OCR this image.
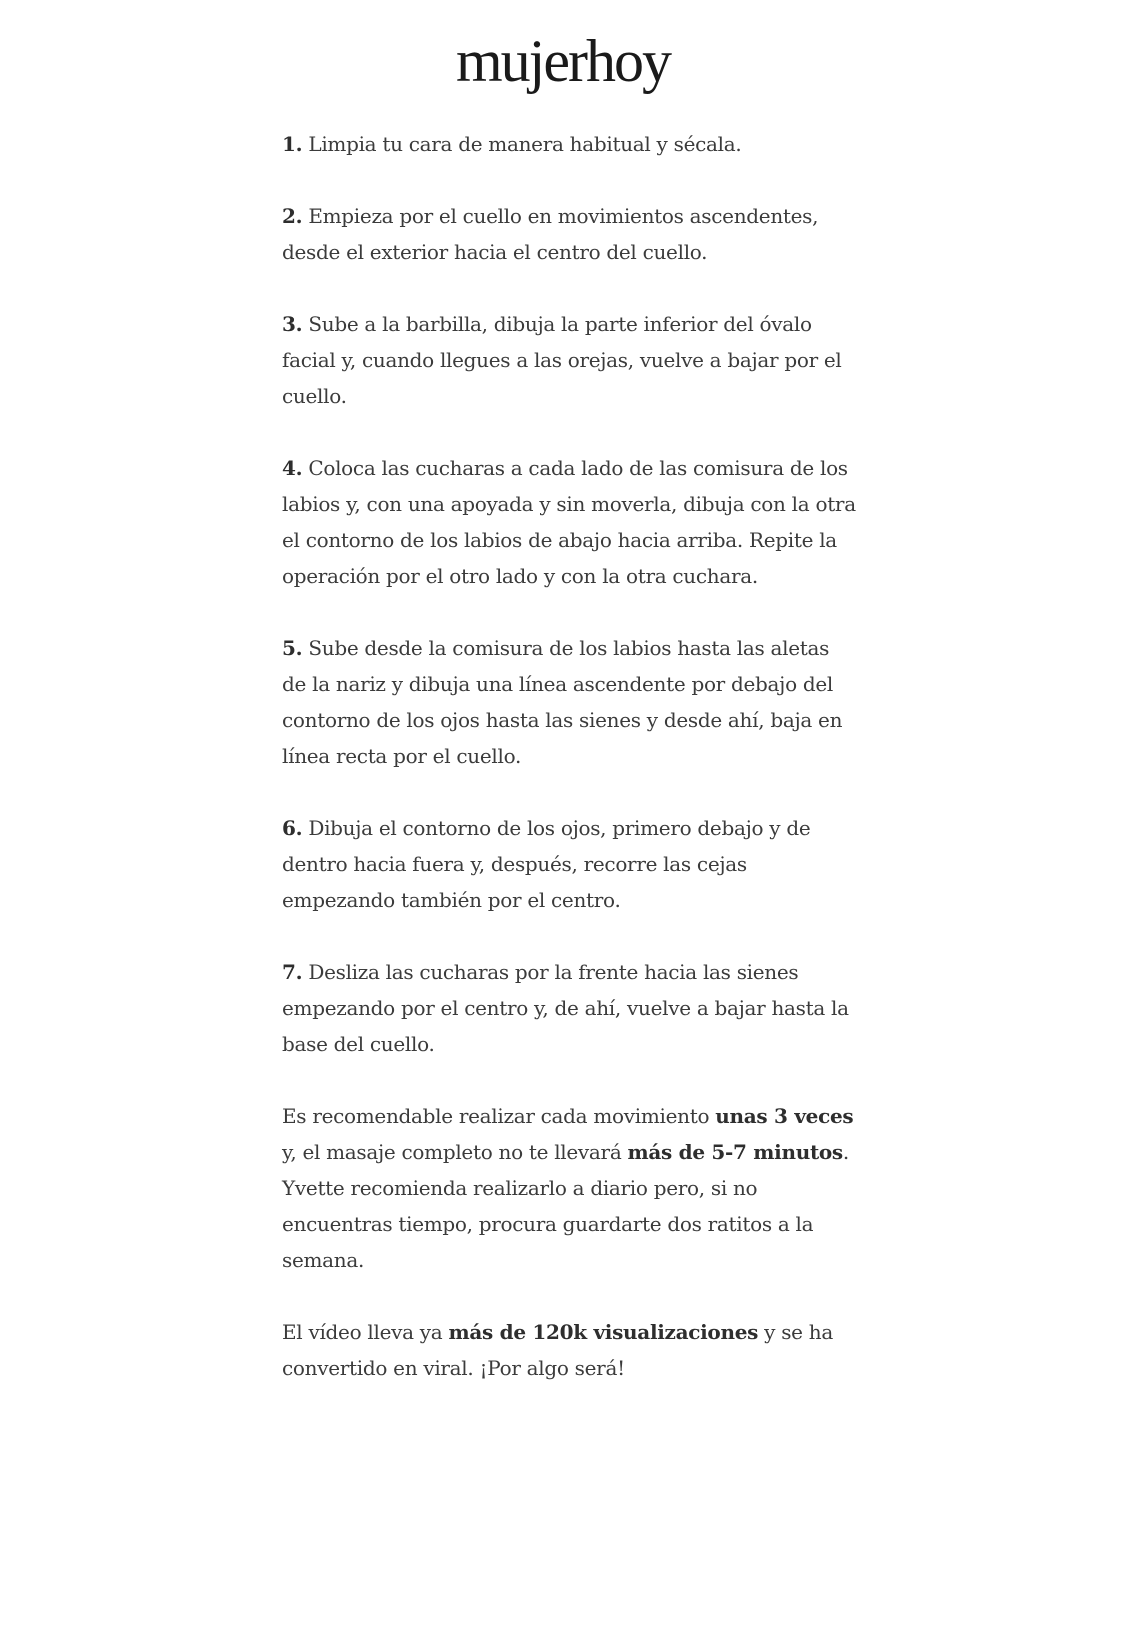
mujerhoy

1. Limpia tu cara de manera habitual y sécala.

2. Empieza por el cuello en movimientos ascendentes, desde el exterior hacia el centro del cuello.

3. Sube a la barbilla, dibuja la parte inferior del óvalo facial y, cuando llegues a las orejas, vuelve a bajar por el cuello.

4. Coloca las cucharas a cada lado de las comisura de los labios y, con una apoyada y sin moverla, dibuja con la otra el contorno de los labios de abajo hacia arriba. Repite la operación por el otro lado y con la otra cuchara.

5. Sube desde la comisura de los labios hasta las aletas de la nariz y dibuja una línea ascendente por debajo del contorno de los ojos hasta las sienes y desde ahí, baja en línea recta por el cuello.

6. Dibuja el contorno de los ojos, primero debajo y de dentro hacia fuera y, después, recorre las cejas empezando también por el centro.

7. Desliza las cucharas por la frente hacia las sienes empezando por el centro y, de ahí, vuelve a bajar hasta la base del cuello.

Es recomendable realizar cada movimiento unas 3 veces y, el masaje completo no te llevará más de 5-7 minutos. Yvette recomienda realizarlo a diario pero, si no encuentras tiempo, procura guardarte dos ratitos a la semana.

El vídeo lleva ya más de 120k visualizaciones y se ha convertido en viral. ¡Por algo será!
